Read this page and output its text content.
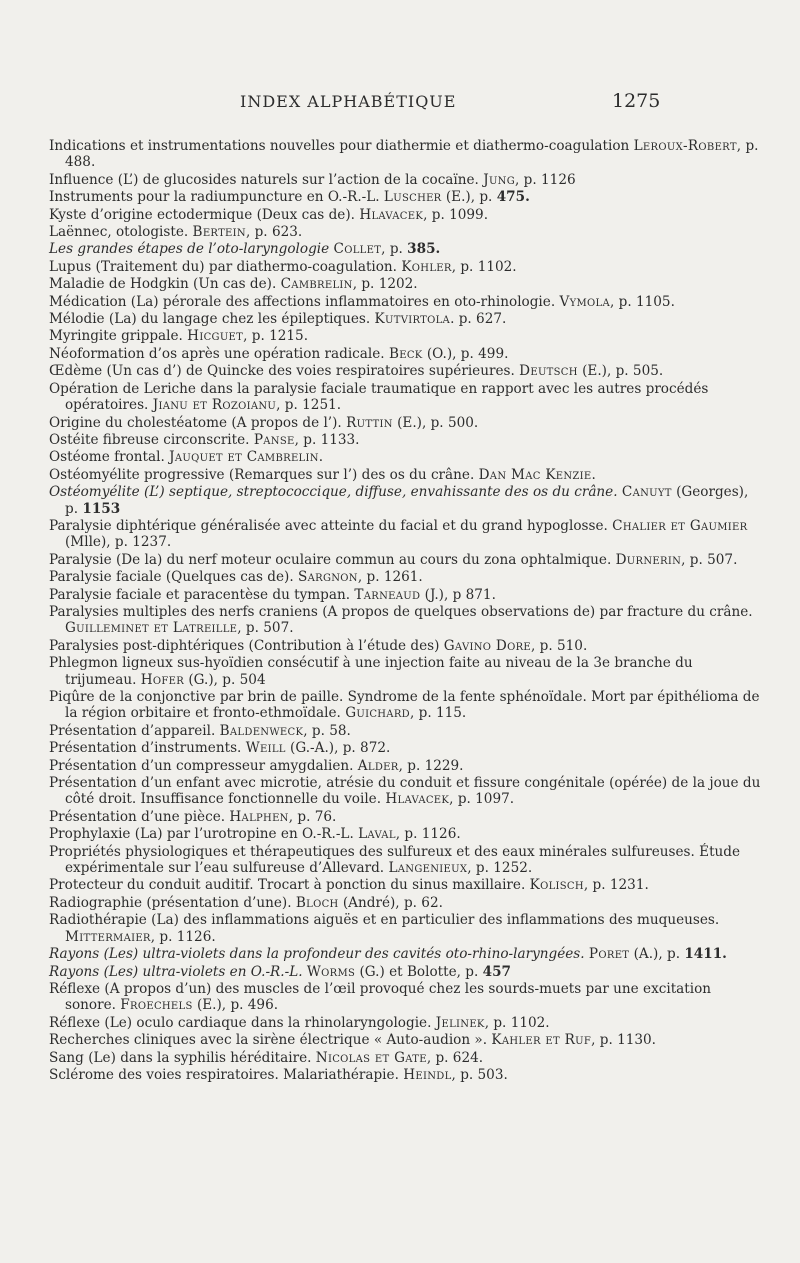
INDEX ALPHABÉTIQUE	1275
Indications et instrumentations nouvelles pour diathermie et diathermo-coagulation Leroux-Robert, p. 488.
Influence (L’) de glucosides naturels sur l’action de la cocaïne. Jung, p. 1126
Instruments pour la radiumpuncture en O.-R.-L. Luscher (E.), p. 475.
Kyste d’origine ectodermique (Deux cas de). Hlavacek, p. 1099.
Laënnec, otologiste. Bertein, p. 623.
Les grandes étapes de l’oto-laryngologie Collet, p. 385.
Lupus (Traitement du) par diathermo-coagulation. Kohler, p. 1102.
Maladie de Hodgkin (Un cas de). Cambrelin, p. 1202.
Médication (La) pérorale des affections inflammatoires en oto-rhinologie. Vymola, p. 1105.
Mélodie (La) du langage chez les épileptiques. Kutvirtola. p. 627.
Myringite grippale. Hicguet, p. 1215.
Néoformation d’os après une opération radicale. Beck (O.), p. 499.
Œdème (Un cas d’) de Quincke des voies respiratoires supérieures. Deutsch (E.), p. 505.
Opération de Leriche dans la paralysie faciale traumatique en rapport avec les autres procédés opératoires. Jianu et Rozoianu, p. 1251.
Origine du cholestéatome (A propos de l’). Ruttin (E.), p. 500.
Ostéite fibreuse circonscrite. Panse, p. 1133.
Ostéome frontal. Jauquet et Cambrelin.
Ostéomyélite progressive (Remarques sur l’) des os du crâne. Dan Mac Kenzie.
Ostéomyélite (L’) septique, streptococcique, diffuse, envahissante des os du crâne. Canuyt (Georges), p. 1153
Paralysie diphtérique généralisée avec atteinte du facial et du grand hypoglosse. Chalier et Gaumier (Mlle), p. 1237.
Paralysie (De la) du nerf moteur oculaire commun au cours du zona ophtalmique. Durnerin, p. 507.
Paralysie faciale (Quelques cas de). Sargnon, p. 1261.
Paralysie faciale et paracentèse du tympan. Tarneaud (J.), p 871.
Paralysies multiples des nerfs craniens (A propos de quelques observations de) par fracture du crâne. Guilleminet et Latreille, p. 507.
Paralysies post-diphtériques (Contribution à l’étude des) Gavino Dore, p. 510.
Phlegmon ligneux sus-hyoïdien consécutif à une injection faite au niveau de la 3e branche du trijumeau. Hofer (G.), p. 504
Piqûre de la conjonctive par brin de paille. Syndrome de la fente sphénoïdale. Mort par épithélioma de la région orbitaire et fronto-ethmoïdale. Guichard, p. 115.
Présentation d’appareil. Baldenweck, p. 58.
Présentation d’instruments. Weill (G.-A.), p. 872.
Présentation d’un compresseur amygdalien. Alder, p. 1229.
Présentation d’un enfant avec microtie, atrésie du conduit et fissure congénitale (opérée) de la joue du côté droit. Insuffisance fonctionnelle du voile. Hlavacek, p. 1097.
Présentation d’une pièce. Halphen, p. 76.
Prophylaxie (La) par l’urotropine en O.-R.-L. Laval, p. 1126.
Propriétés physiologiques et thérapeutiques des sulfureux et des eaux minérales sulfureuses. Étude expérimentale sur l’eau sulfureuse d’Allevard. Langenieux, p. 1252.
Protecteur du conduit auditif. Trocart à ponction du sinus maxillaire. Kolisch, p. 1231.
Radiographie (présentation d’une). Bloch (André), p. 62.
Radiothérapie (La) des inflammations aiguës et en particulier des inflammations des muqueuses. Mittermaier, p. 1126.
Rayons (Les) ultra-violets dans la profondeur des cavités oto-rhino-laryngées. Poret (A.), p. 1411.
Rayons (Les) ultra-violets en O.-R.-L. Worms (G.) et Bolotte, p. 457
Réflexe (A propos d’un) des muscles de l’œil provoqué chez les sourds-muets par une excitation sonore. Froechels (E.), p. 496.
Réflexe (Le) oculo cardiaque dans la rhinolaryngologie. Jelinek, p. 1102.
Recherches cliniques avec la sirène électrique « Auto-audion ». Kahler et Ruf, p. 1130.
Sang (Le) dans la syphilis héréditaire. Nicolas et Gate, p. 624.
Sclérome des voies respiratoires. Malariathérapie. Heindl, p. 503.
